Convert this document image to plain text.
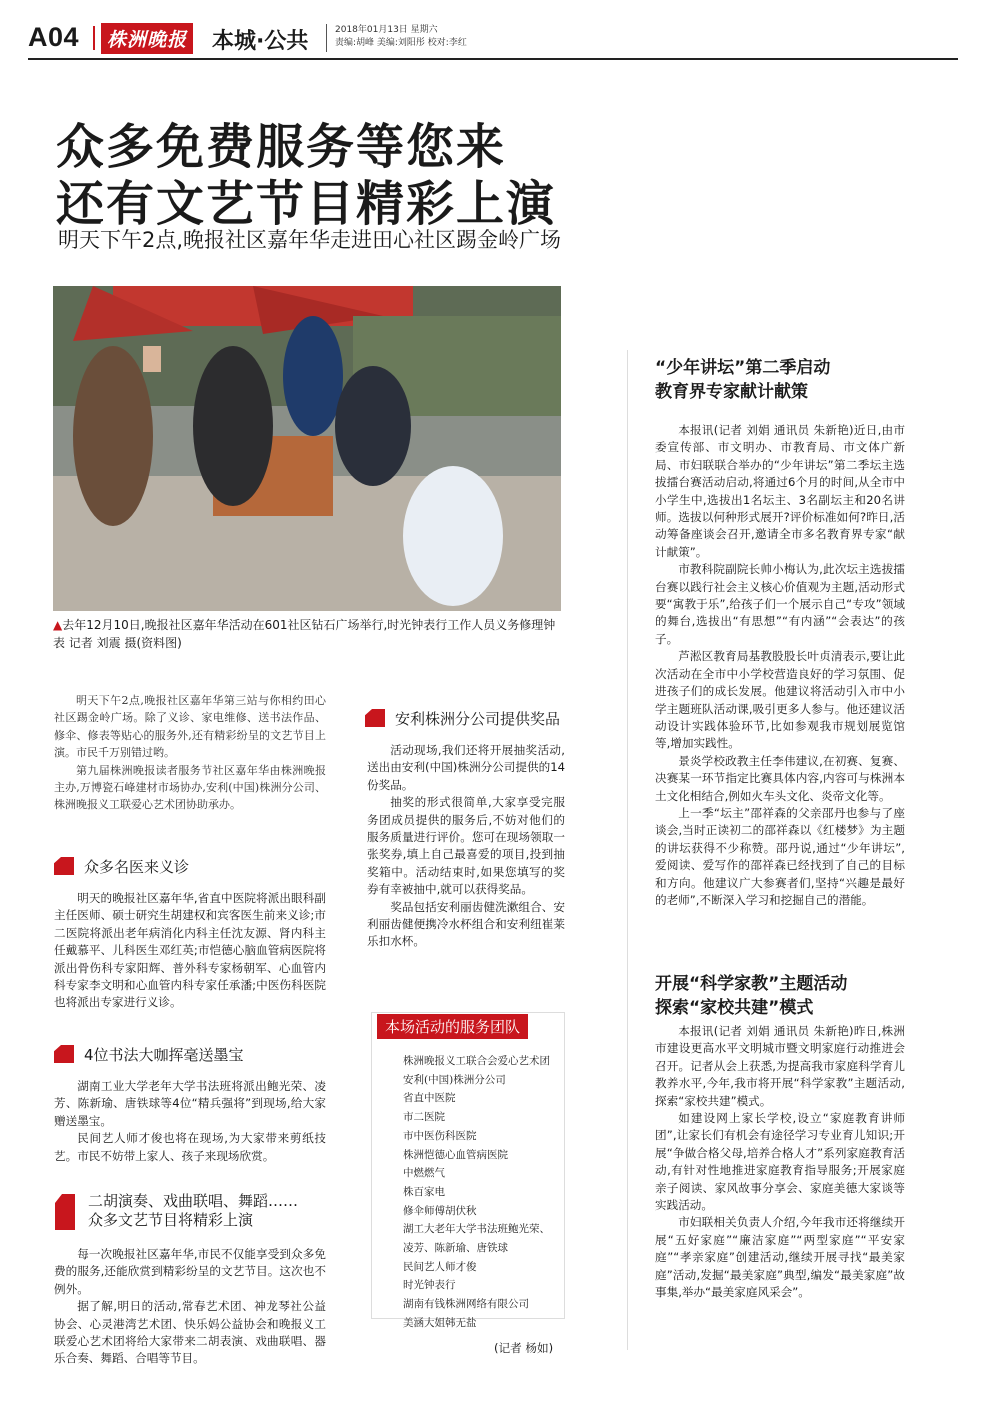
A04	株洲晚报 本城·公共	2018年01月13日 星期六
责编:胡峰 美编:刘阳彤 校对:李红
众多免费服务等您来
还有文艺节目精彩上演
明天下午2点,晚报社区嘉年华走进田心社区踢金岭广场
▲去年12月10日,晚报社区嘉年华活动在601社区钻石广场举行,时光钟表行工作人员义务修理钟表 记者 刘震 摄(资料图)

明天下午2点,晚报社区嘉年华第三站与你相约田心社区踢金岭广场。除了义诊、家电维修、送书法作品、修伞、修表等贴心的服务外,还有精彩纷呈的文艺节目上演。市民千万别错过哟。

第九届株洲晚报读者服务节社区嘉年华由株洲晚报主办,万博瓷石峰建材市场协办,安利(中国)株洲分公司、株洲晚报义工联爱心艺术团协助承办。

众多名医来义诊

明天的晚报社区嘉年华,省直中医院将派出眼科副主任医师、硕士研究生胡建权和宾客医生前来义诊;市二医院将派出老年病消化内科主任沈友源、肾内科主任戴慕平、儿科医生邓红英;市恺德心脑血管病医院将派出骨伤科专家阳辉、普外科专家杨朝军、心血管内科专家李文明和心血管内科专家任承潘;中医伤科医院也将派出专家进行义诊。

4位书法大咖挥毫送墨宝

湖南工业大学老年大学书法班将派出鲍光荣、凌芳、陈新瑜、唐铁球等4位“精兵强将”到现场,给大家赠送墨宝。

民间艺人师才俊也将在现场,为大家带来剪纸技艺。市民不妨带上家人、孩子来现场欣赏。

二胡演奏、戏曲联唱、舞蹈……
众多文艺节目将精彩上演

每一次晚报社区嘉年华,市民不仅能享受到众多免费的服务,还能欣赏到精彩纷呈的文艺节目。这次也不例外。

据了解,明日的活动,常春艺术团、神龙琴社公益协会、心灵港湾艺术团、快乐妈公益协会和晚报义工联爱心艺术团将给大家带来二胡表演、戏曲联唱、器乐合奏、舞蹈、合唱等节目。

安利株洲分公司提供奖品

活动现场,我们还将开展抽奖活动,送出由安利(中国)株洲分公司提供的14份奖品。

抽奖的形式很简单,大家享受完服务团成员提供的服务后,不妨对他们的服务质量进行评价。您可在现场领取一张奖券,填上自己最喜爱的项目,投到抽奖箱中。活动结束时,如果您填写的奖券有幸被抽中,就可以获得奖品。

奖品包括安利丽齿健洗漱组合、安利丽齿健便携冷水杯组合和安利纽崔莱乐扣水杯。

本场活动的服务团队
株洲晚报义工联合会爱心艺术团
安利(中国)株洲分公司
省直中医院
市二医院
市中医伤科医院
株洲恺德心血管病医院
中燃燃气
株百家电
修伞师傅胡伏秋
湖工大老年大学书法班鲍光荣、凌芳、陈新瑜、唐铁球
民间艺人师才俊
时光钟表行
湖南有钱株洲网络有限公司
美涵大姐韩无盐
(记者 杨如)
“少年讲坛”第二季启动
教育界专家献计献策

本报讯(记者 刘娟 通讯员 朱新艳)近日,由市委宣传部、市文明办、市教育局、市文体广新局、市妇联联合举办的“少年讲坛”第二季坛主选拔擂台赛活动启动,将通过6个月的时间,从全市中小学生中,选拔出1名坛主、3名副坛主和20名讲师。选拔以何种形式展开?评价标准如何?昨日,活动筹备座谈会召开,邀请全市多名教育界专家“献计献策”。

市教科院副院长帅小梅认为,此次坛主选拔擂台赛以践行社会主义核心价值观为主题,活动形式要“寓教于乐”,给孩子们一个展示自己“专攻”领域的舞台,选拔出“有思想”“有内涵”“会表达”的孩子。

芦淞区教育局基教股股长叶贞清表示,要让此次活动在全市中小学校营造良好的学习氛围、促进孩子们的成长发展。他建议将活动引入市中小学主题班队活动课,吸引更多人参与。他还建议活动设计实践体验环节,比如参观我市规划展览馆等,增加实践性。

景炎学校政教主任李伟建议,在初赛、复赛、决赛某一环节指定比赛具体内容,内容可与株洲本土文化相结合,例如火车头文化、炎帝文化等。

上一季“坛主”邵祥森的父亲邵丹也参与了座谈会,当时正读初二的邵祥森以《红楼梦》为主题的讲坛获得不少称赞。邵丹说,通过“少年讲坛”,爱阅读、爱写作的邵祥森已经找到了自己的目标和方向。他建议广大参赛者们,坚持“兴趣是最好的老师”,不断深入学习和挖掘自己的潜能。

开展“科学家教”主题活动
探索“家校共建”模式

本报讯(记者 刘娟 通讯员 朱新艳)昨日,株洲市建设更高水平文明城市暨文明家庭行动推进会召开。记者从会上获悉,为提高我市家庭科学育儿教养水平,今年,我市将开展“科学家教”主题活动,探索“家校共建”模式。

如建设网上家长学校,设立“家庭教育讲师团”,让家长们有机会有途径学习专业育儿知识;开展“争做合格父母,培养合格人才”系列家庭教育活动,有针对性地推进家庭教育指导服务;开展家庭亲子阅读、家风故事分享会、家庭美德大家谈等实践活动。

市妇联相关负责人介绍,今年我市还将继续开展“五好家庭”“廉洁家庭”“两型家庭”“平安家庭”“孝亲家庭”创建活动,继续开展寻找“最美家庭”活动,发掘“最美家庭”典型,编发“最美家庭”故事集,举办“最美家庭风采会”。
